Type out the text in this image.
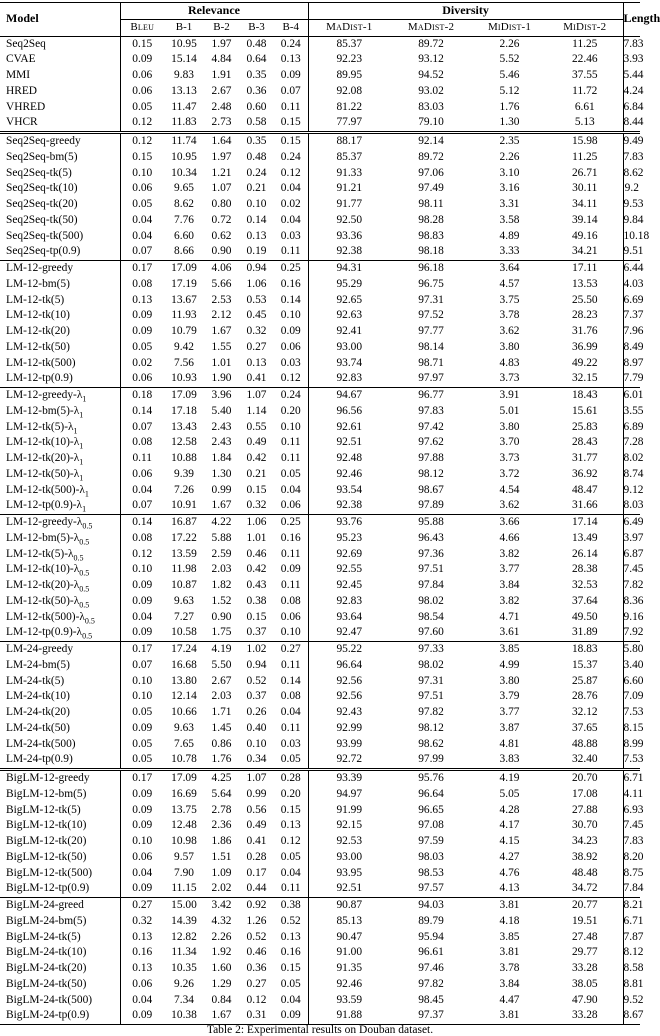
Model	Relevance					Diversity				Length
	Bleu	B-1	B-2	B-3	B-4	MaDist-1	MaDist-2	MiDist-1	MiDist-2	
Seq2Seq	0.15	10.95	1.97	0.48	0.24	85.37	89.72	2.26	11.25	7.83
CVAE	0.09	15.14	4.84	0.64	0.13	92.23	93.12	5.52	22.46	3.93
MMI	0.06	9.83	1.91	0.35	0.09	89.95	94.52	5.46	37.55	5.44
HRED	0.06	13.13	2.67	0.36	0.07	92.08	93.02	5.12	11.72	4.24
VHRED	0.05	11.47	2.48	0.60	0.11	81.22	83.03	1.76	6.61	6.84
VHCR	0.12	11.83	2.73	0.58	0.15	77.97	79.10	1.30	5.13	8.44
Seq2Seq-greedy	0.12	11.74	1.64	0.35	0.15	88.17	92.14	2.35	15.98	9.49
Seq2Seq-bm(5)	0.15	10.95	1.97	0.48	0.24	85.37	89.72	2.26	11.25	7.83
Seq2Seq-tk(5)	0.10	10.34	1.21	0.24	0.12	91.33	97.06	3.10	26.71	8.62
Seq2Seq-tk(10)	0.06	9.65	1.07	0.21	0.04	91.21	97.49	3.16	30.11	9.2
Seq2Seq-tk(20)	0.05	8.62	0.80	0.10	0.02	91.77	98.11	3.31	34.11	9.53
Seq2Seq-tk(50)	0.04	7.76	0.72	0.14	0.04	92.50	98.28	3.58	39.14	9.84
Seq2Seq-tk(500)	0.04	6.60	0.62	0.13	0.03	93.36	98.83	4.89	49.16	10.18
Seq2Seq-tp(0.9)	0.07	8.66	0.90	0.19	0.11	92.38	98.18	3.33	34.21	9.51
LM-12-greedy	0.17	17.09	4.06	0.94	0.25	94.31	96.18	3.64	17.11	6.44
LM-12-bm(5)	0.08	17.19	5.66	1.06	0.16	95.29	96.75	4.57	13.53	4.03
LM-12-tk(5)	0.13	13.67	2.53	0.53	0.14	92.65	97.31	3.75	25.50	6.69
LM-12-tk(10)	0.09	11.93	2.12	0.45	0.10	92.63	97.52	3.78	28.23	7.37
LM-12-tk(20)	0.09	10.79	1.67	0.32	0.09	92.41	97.77	3.62	31.76	7.96
LM-12-tk(50)	0.05	9.42	1.55	0.27	0.06	93.00	98.14	3.80	36.99	8.49
LM-12-tk(500)	0.02	7.56	1.01	0.13	0.03	93.74	98.71	4.83	49.22	8.97
LM-12-tp(0.9)	0.06	10.93	1.90	0.41	0.12	92.83	97.97	3.73	32.15	7.79
$LM-12-greedy-\lambda_1$	0.18	17.09	3.96	1.07	0.24	94.67	96.77	3.91	18.43	6.01
$LM-12-bm(5)-\lambda_1$	0.14	17.18	5.40	1.14	0.20	96.56	97.83	5.01	15.61	3.55
$LM-12-tk(5)-\lambda_1$	0.07	13.43	2.43	0.55	0.10	92.61	97.42	3.80	25.83	6.89
$LM-12-tk(10)-\lambda_1$	0.08	12.58	2.43	0.49	0.11	92.51	97.62	3.70	28.43	7.28
$LM-12-tk(20)-\lambda_1$	0.11	10.88	1.84	0.42	0.11	92.48	97.88	3.73	31.77	8.02
$LM-12-tk(50)-\lambda_1$	0.06	9.39	1.30	0.21	0.05	92.46	98.12	3.72	36.92	8.74
$LM-12-tk(500)-\lambda_1$	0.04	7.26	0.99	0.15	0.04	93.54	98.67	4.54	48.47	9.12
$LM-12-tp(0.9)-\lambda_1$	0.07	10.91	1.67	0.32	0.06	92.38	97.89	3.62	31.66	8.03
$LM-12-greedy-\lambda_{0.5}$	0.14	16.87	4.22	1.06	0.25	93.76	95.88	3.66	17.14	6.49
$LM-12-bm(5)-\lambda_{0.5}$	0.08	17.22	5.88	1.01	0.16	95.23	96.43	4.66	13.49	3.97
$LM-12-tk(5)-\lambda_{0.5}$	0.12	13.59	2.59	0.46	0.11	92.69	97.36	3.82	26.14	6.87
$LM-12-tk(10)-\lambda_{0.5}$	0.10	11.98	2.03	0.42	0.09	92.55	97.51	3.77	28.38	7.45
$LM-12-tk(20)-\lambda_{0.5}$	0.09	10.87	1.82	0.43	0.11	92.45	97.84	3.84	32.53	7.82
$LM-12-tk(50)-\lambda_{0.5}$	0.09	9.63	1.52	0.38	0.08	92.83	98.02	3.82	37.64	8.36
$LM-12-tk(500)-\lambda_{0.5}$	0.04	7.27	0.90	0.15	0.06	93.64	98.54	4.71	49.50	9.16
$LM-12-tp(0.9)-\lambda_{0.5}$	0.09	10.58	1.75	0.37	0.10	92.47	97.60	3.61	31.89	7.92
LM-24-greedy	0.17	17.24	4.19	1.02	0.27	95.22	97.33	3.85	18.83	5.80
LM-24-bm(5)	0.07	16.68	5.50	0.94	0.11	96.64	98.02	4.99	15.37	3.40
LM-24-tk(5)	0.10	13.80	2.67	0.52	0.14	92.56	97.31	3.80	25.87	6.60
LM-24-tk(10)	0.10	12.14	2.03	0.37	0.08	92.56	97.51	3.79	28.76	7.09
LM-24-tk(20)	0.05	10.66	1.71	0.26	0.04	92.43	97.82	3.77	32.12	7.53
LM-24-tk(50)	0.09	9.63	1.45	0.40	0.11	92.99	98.12	3.87	37.65	8.15
LM-24-tk(500)	0.05	7.65	0.86	0.10	0.03	93.99	98.62	4.81	48.88	8.99
LM-24-tp(0.9)	0.05	10.78	1.76	0.34	0.05	92.72	97.99	3.83	32.40	7.53
BigLM-12-greedy	0.17	17.09	4.25	1.07	0.28	93.39	95.76	4.19	20.70	6.71
BigLM-12-bm(5)	0.09	16.69	5.64	0.99	0.20	94.97	96.64	5.05	17.08	4.11
BigLM-12-tk(5)	0.09	13.75	2.78	0.56	0.15	91.99	96.65	4.28	27.88	6.93
BigLM-12-tk(10)	0.09	12.48	2.36	0.49	0.13	92.15	97.08	4.17	30.70	7.45
BigLM-12-tk(20)	0.10	10.98	1.86	0.41	0.12	92.53	97.59	4.15	34.23	7.83
BigLM-12-tk(50)	0.06	9.57	1.51	0.28	0.05	93.00	98.03	4.27	38.92	8.20
BigLM-12-tk(500)	0.04	7.90	1.09	0.17	0.04	93.95	98.53	4.76	48.48	8.75
BigLM-12-tp(0.9)	0.09	11.15	2.02	0.44	0.11	92.51	97.57	4.13	34.72	7.84
BigLM-24-greed	0.27	15.00	3.42	0.92	0.38	90.87	94.03	3.81	20.77	8.21
BigLM-24-bm(5)	0.32	14.39	4.32	1.26	0.52	85.13	89.79	4.18	19.51	6.71
BigLM-24-tk(5)	0.13	12.82	2.26	0.52	0.13	90.47	95.94	3.85	27.48	7.87
BigLM-24-tk(10)	0.16	11.34	1.92	0.46	0.16	91.00	96.61	3.81	29.77	8.12
BigLM-24-tk(20)	0.13	10.35	1.60	0.36	0.15	91.35	97.46	3.78	33.28	8.58
BigLM-24-tk(50)	0.06	9.26	1.29	0.27	0.05	92.46	97.82	3.84	38.05	8.81
BigLM-24-tk(500)	0.04	7.34	0.84	0.12	0.04	93.59	98.45	4.47	47.90	9.52
BigLM-24-tp(0.9)	0.09	10.38	1.67	0.31	0.09	91.88	97.37	3.81	33.28	8.67
Table 2: Experimental results on Douban dataset.
